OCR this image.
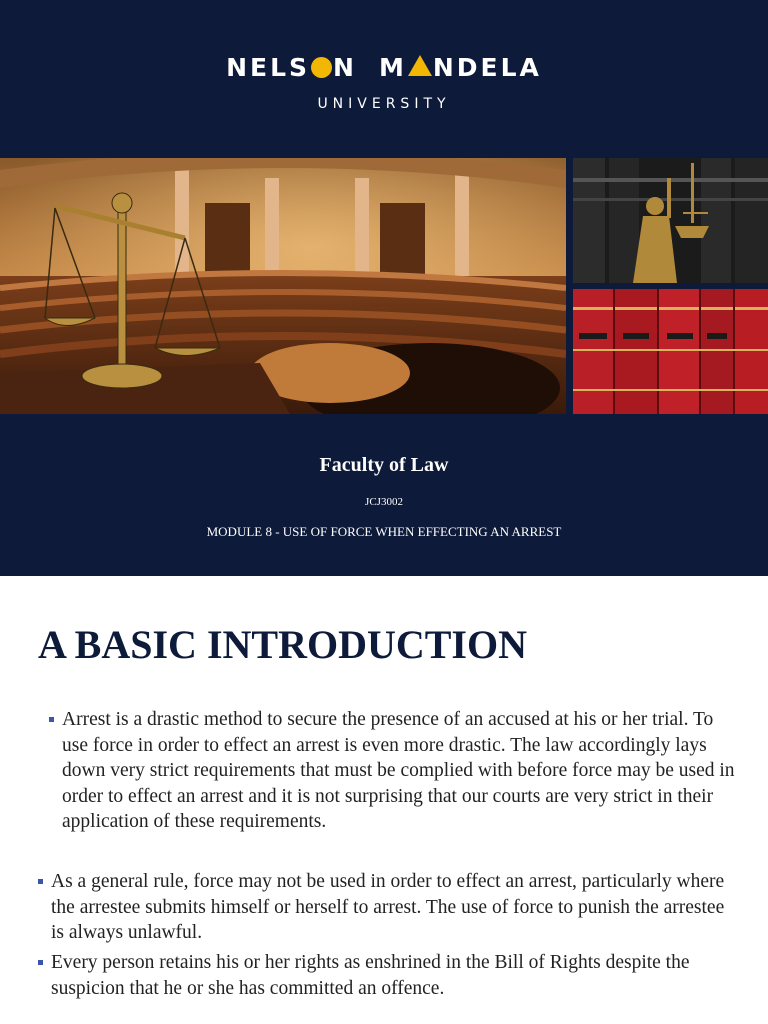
NELS N M NDELA
UNIVERSITY
Faculty of Law
JCJ3002
MODULE 8 - USE OF FORCE WHEN EFFECTING AN ARREST
A BASIC INTRODUCTION
Arrest is a drastic method to secure the presence of an accused at his or her trial. To use force in order to effect an arrest is even more drastic. The law accordingly lays down very strict requirements that must be complied with before force may be used in order to effect an arrest and it is not surprising that our courts are very strict in their application of these requirements.
As a general rule, force may not be used in order to effect an arrest, particularly where the arrestee submits himself or herself to arrest. The use of force to punish the arrestee is always unlawful.
Every person retains his or her rights as enshrined in the Bill of Rights despite the suspicion that he or she has committed an offence.
